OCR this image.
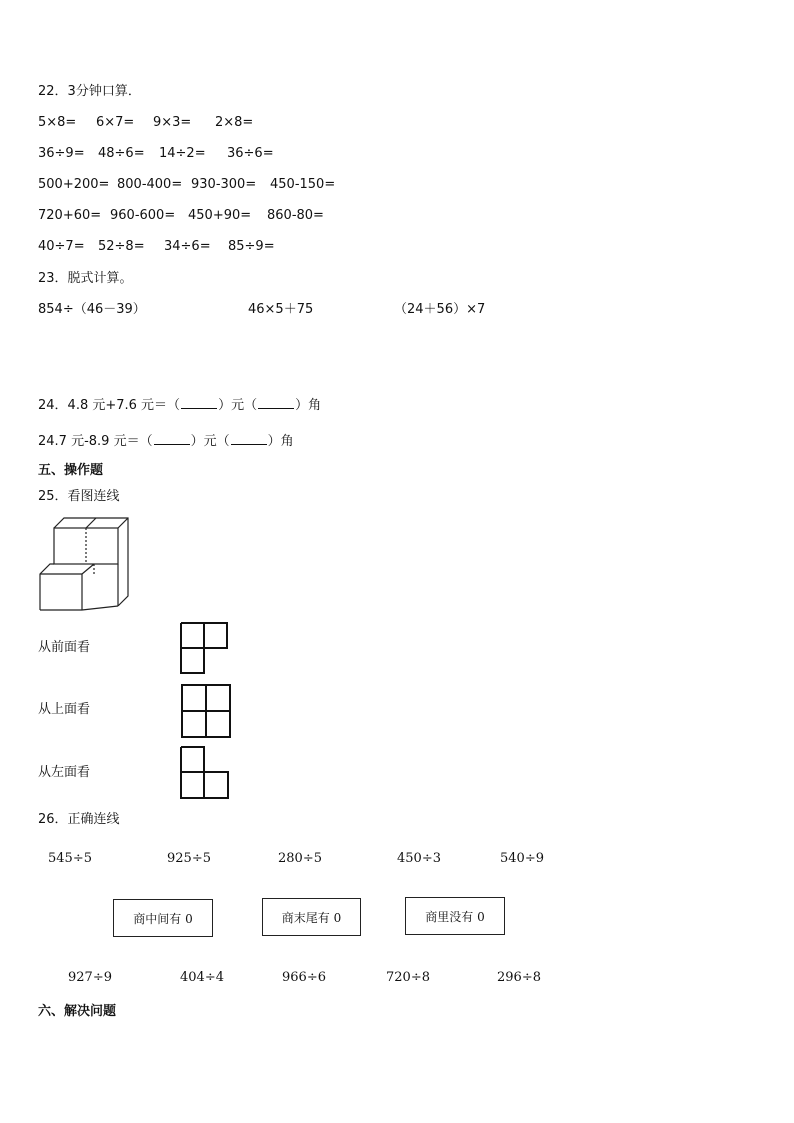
22．3分钟口算．
5×8= 6×7= 9×3= 2×8=
36÷9= 48÷6= 14÷2= 36÷6=
500+200= 800-400= 930-300= 450-150=
720+60= 960-600= 450+90= 860-80=
40÷7= 52÷8= 34÷6= 85÷9=
23．脱式计算。
854÷（46－39）	46×5＋75	（24＋56）×7
24．4.8 元+7.6 元＝（	）元（	）角
24.7 元-8.9 元＝（	）元（	）角
五、操作题
25．看图连线
从前面看
从上面看
从左面看
26．正确连线
545÷5	925÷5	280÷5	450÷3	540÷9
商中间有 0	商末尾有 0	商里没有 0
927÷9	404÷4	966÷6	720÷8	296÷8
六、解决问题
